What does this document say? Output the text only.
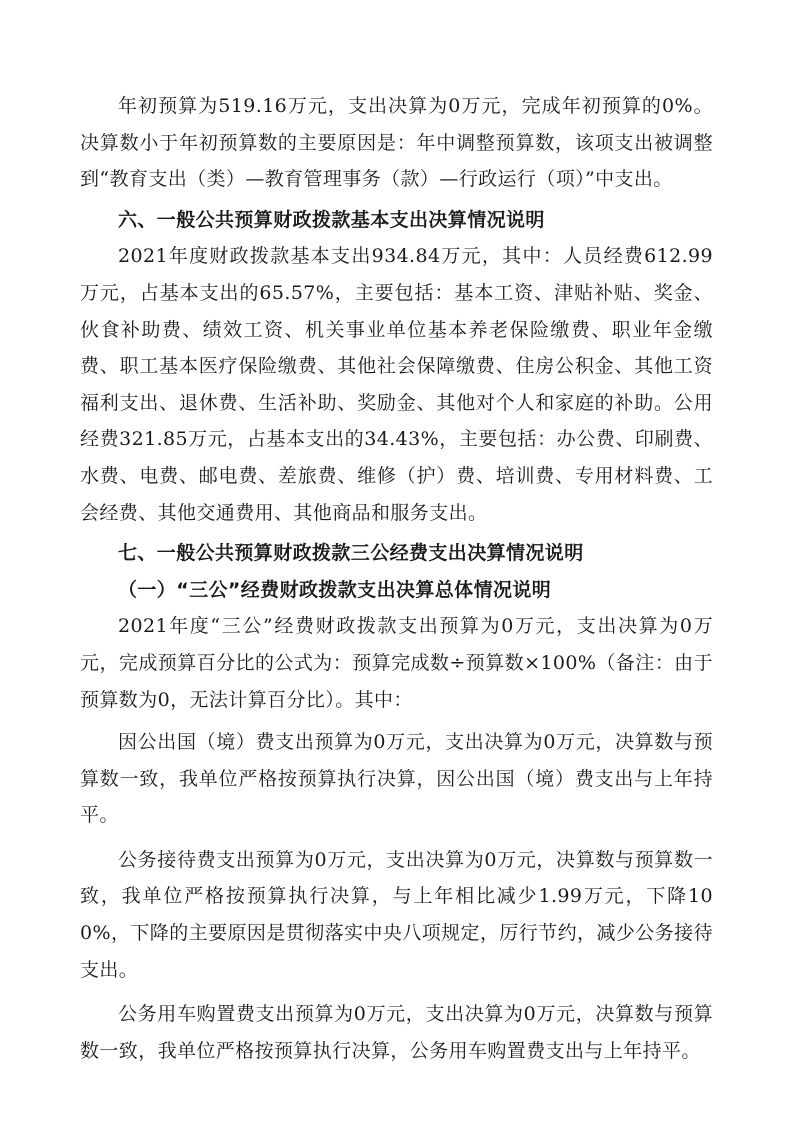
年初预算为519.16万元，支出决算为0万元，完成年初预算的0%。决算数小于年初预算数的主要原因是：年中调整预算数，该项支出被调整到“教育支出（类）—教育管理事务（款）—行政运行（项）”中支出。

六、一般公共预算财政拨款基本支出决算情况说明

2021年度财政拨款基本支出934.84万元，其中：人员经费612.99万元，占基本支出的65.57%，主要包括：基本工资、津贴补贴、奖金、伙食补助费、绩效工资、机关事业单位基本养老保险缴费、职业年金缴费、职工基本医疗保险缴费、其他社会保障缴费、住房公积金、其他工资福利支出、退休费、生活补助、奖励金、其他对个人和家庭的补助。公用经费321.85万元，占基本支出的34.43%，主要包括：办公费、印刷费、水费、电费、邮电费、差旅费、维修（护）费、培训费、专用材料费、工会经费、其他交通费用、其他商品和服务支出。

七、一般公共预算财政拨款三公经费支出决算情况说明

（一）“三公”经费财政拨款支出决算总体情况说明

2021年度“三公”经费财政拨款支出预算为0万元，支出决算为0万元，完成预算百分比的公式为：预算完成数÷预算数×100%（备注：由于预算数为0，无法计算百分比）。其中：

因公出国（境）费支出预算为0万元，支出决算为0万元，决算数与预算数一致，我单位严格按预算执行决算，因公出国（境）费支出与上年持平。

公务接待费支出预算为0万元，支出决算为0万元，决算数与预算数一致，我单位严格按预算执行决算，与上年相比减少1.99万元，下降100%，下降的主要原因是贯彻落实中央八项规定，厉行节约，减少公务接待支出。

公务用车购置费支出预算为0万元，支出决算为0万元，决算数与预算数一致，我单位严格按预算执行决算，公务用车购置费支出与上年持平。
